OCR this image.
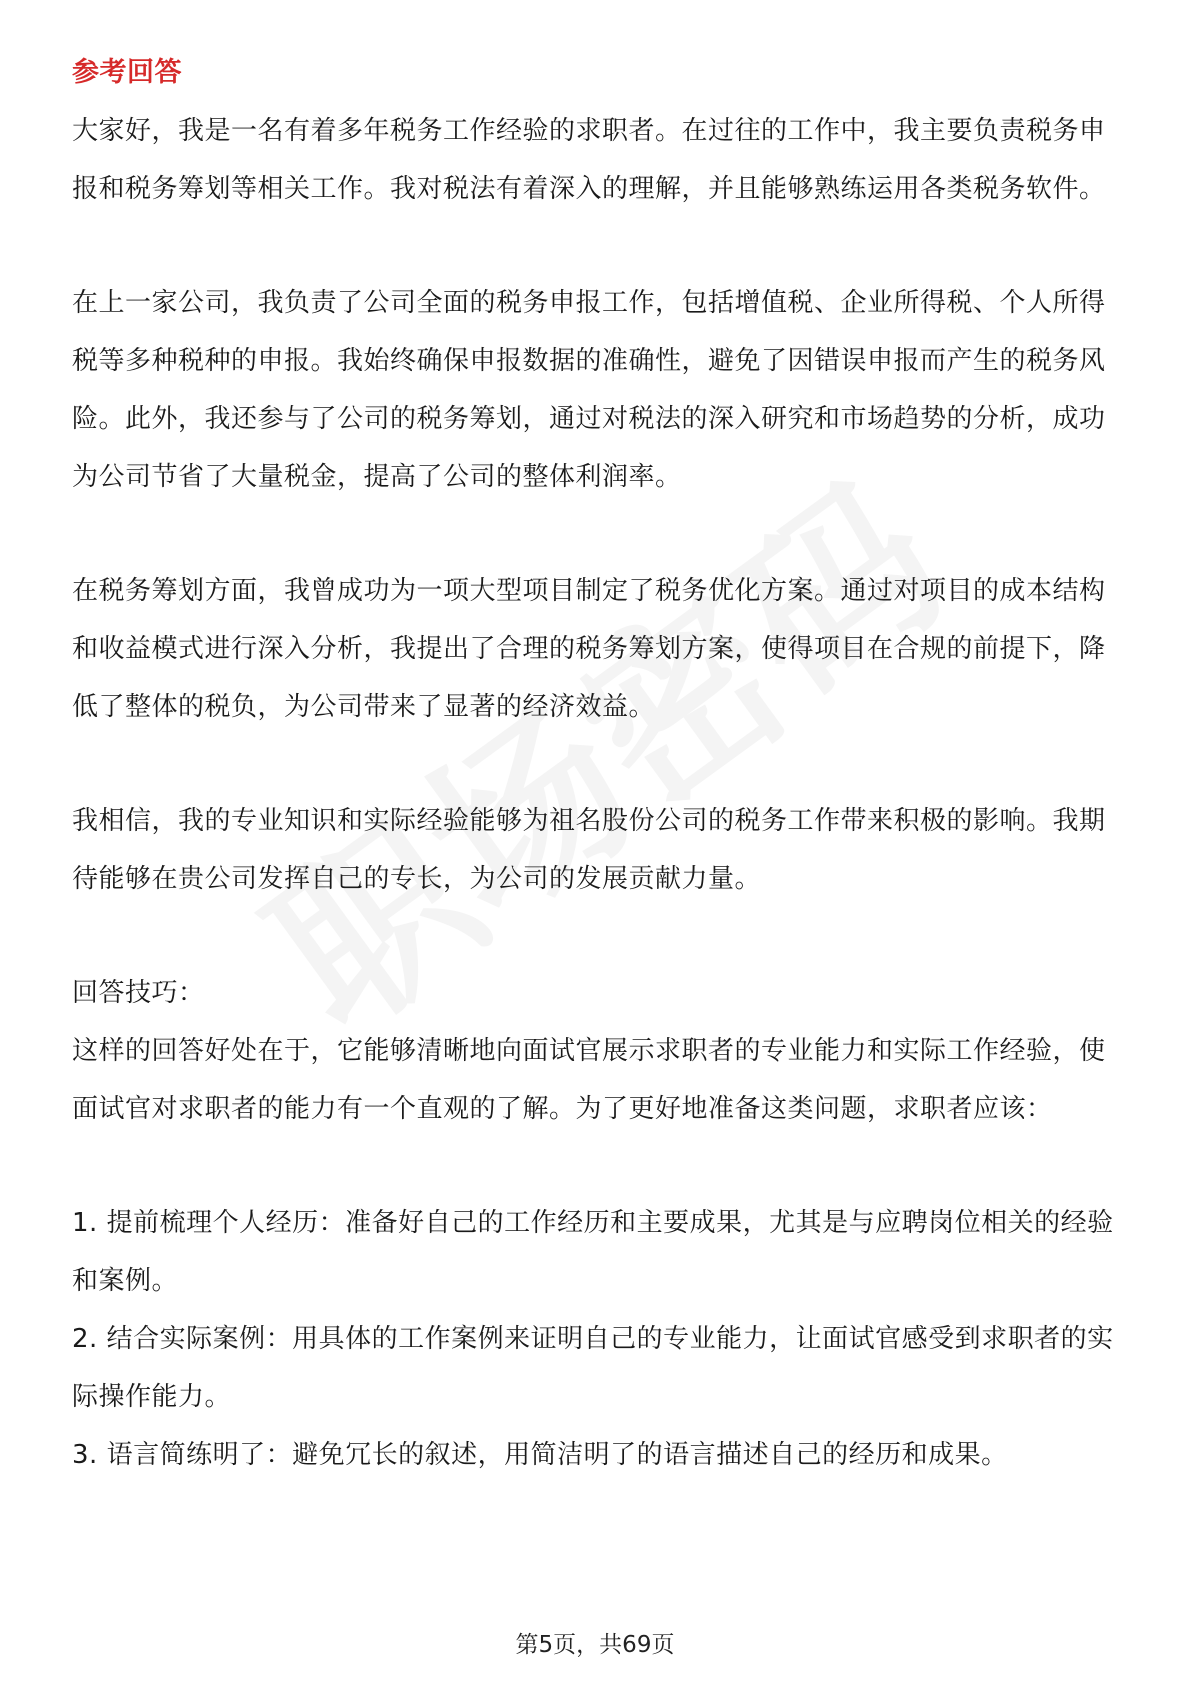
参考回答

大家好，我是一名有着多年税务工作经验的求职者。在过往的工作中，我主要负责税务申报和税务筹划等相关工作。我对税法有着深入的理解，并且能够熟练运用各类税务软件。

在上一家公司，我负责了公司全面的税务申报工作，包括增值税、企业所得税、个人所得税等多种税种的申报。我始终确保申报数据的准确性，避免了因错误申报而产生的税务风险。此外，我还参与了公司的税务筹划，通过对税法的深入研究和市场趋势的分析，成功为公司节省了大量税金，提高了公司的整体利润率。

在税务筹划方面，我曾成功为一项大型项目制定了税务优化方案。通过对项目的成本结构和收益模式进行深入分析，我提出了合理的税务筹划方案，使得项目在合规的前提下，降低了整体的税负，为公司带来了显著的经济效益。

我相信，我的专业知识和实际经验能够为祖名股份公司的税务工作带来积极的影响。我期待能够在贵公司发挥自己的专长，为公司的发展贡献力量。

回答技巧：

这样的回答好处在于，它能够清晰地向面试官展示求职者的专业能力和实际工作经验，使面试官对求职者的能力有一个直观的了解。为了更好地准备这类问题，求职者应该：

1. 提前梳理个人经历：准备好自己的工作经历和主要成果，尤其是与应聘岗位相关的经验和案例。

2. 结合实际案例：用具体的工作案例来证明自己的专业能力，让面试官感受到求职者的实际操作能力。

3. 语言简练明了：避免冗长的叙述，用简洁明了的语言描述自己的经历和成果。

第5页，共69页
